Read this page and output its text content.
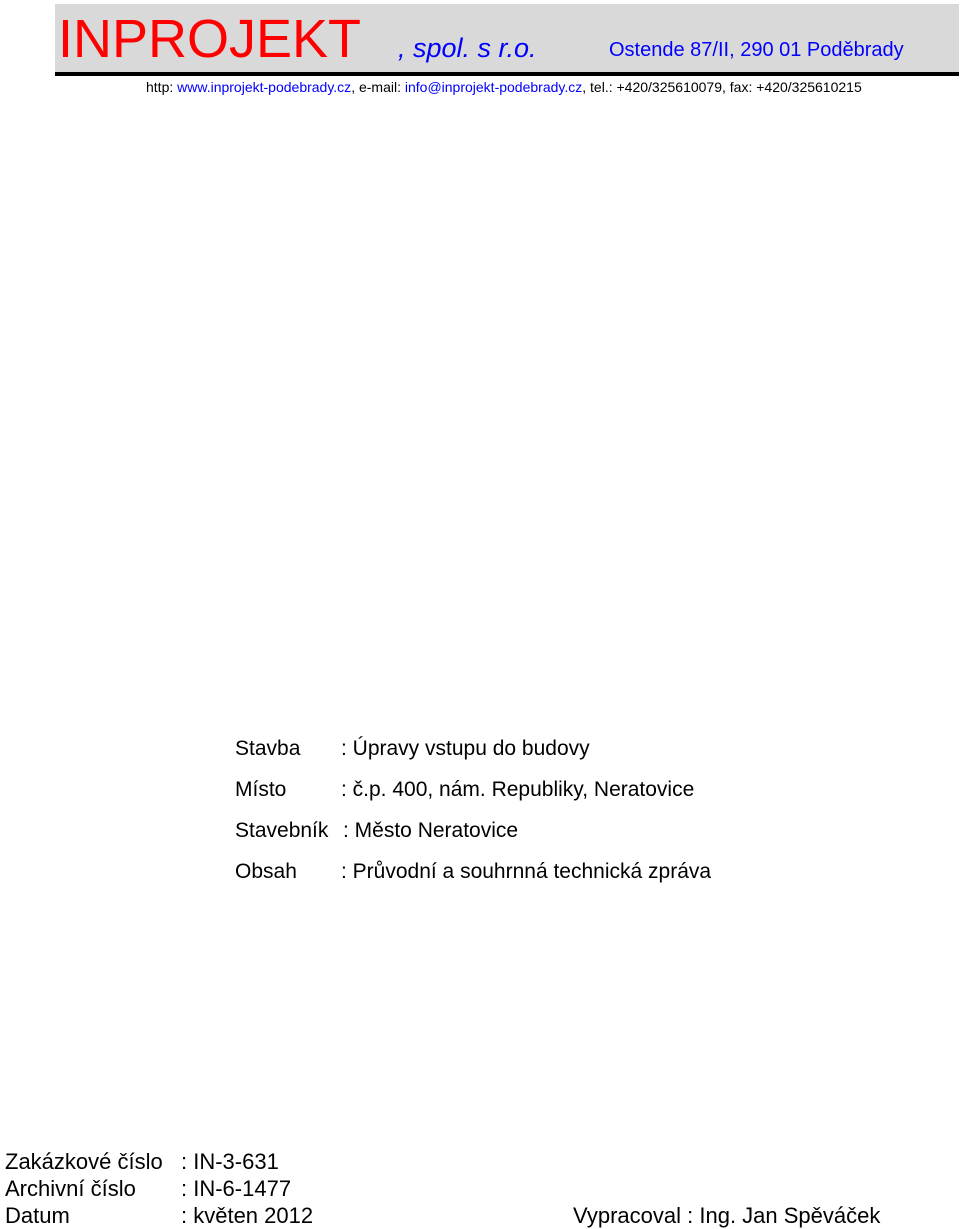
INPROJEKT , spol. s r.o.	Ostende 87/II, 290 01 Poděbrady
http: www.inprojekt-podebrady.cz, e-mail: info@inprojekt-podebrady.cz, tel.: +420/325610079, fax: +420/325610215
Stavba : Úpravy vstupu do budovy
Místo	: č.p. 400, nám. Republiky, Neratovice
Stavebník : Město Neratovice
Obsah : Průvodní a souhrnná technická zpráva
Zakázkové číslo : IN-3-631
Archivní číslo : IN-6-1477
Datum	: květen 2012	Vypracoval : Ing. Jan Spěváček
